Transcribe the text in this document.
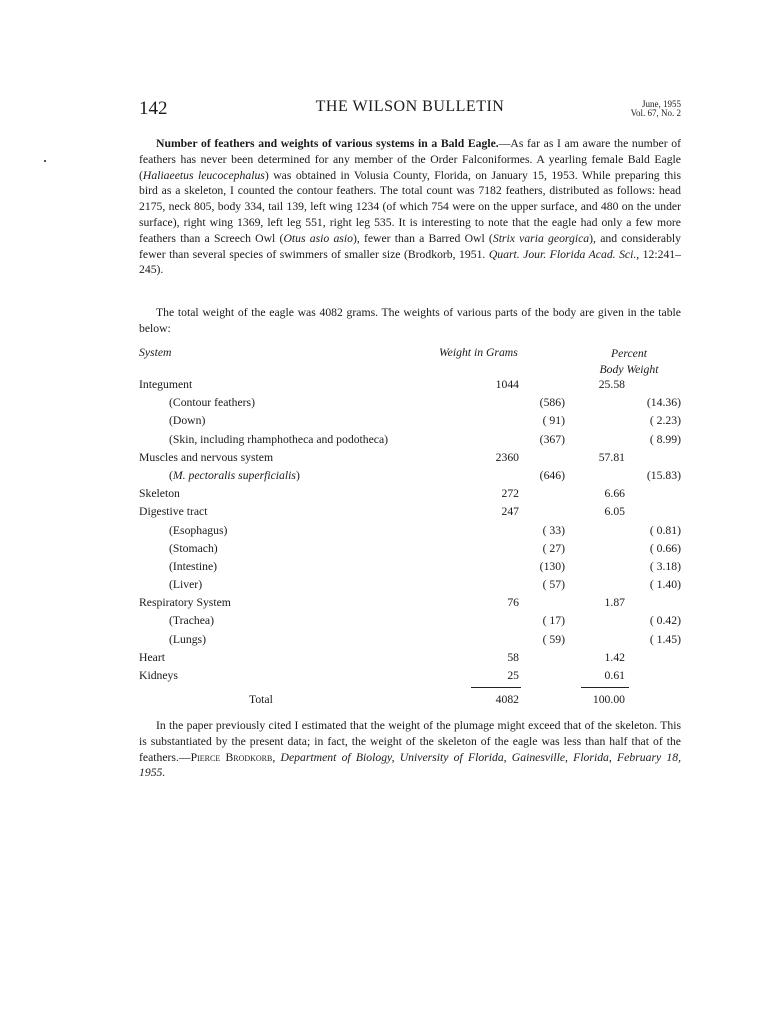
142	THE WILSON BULLETIN	June, 1955
Vol. 67, No. 2
Number of feathers and weights of various systems in a Bald Eagle.—As far as I am aware the number of feathers has never been determined for any member of the Order Falconiformes. A yearling female Bald Eagle (Haliaeetus leucocephalus) was obtained in Volusia County, Florida, on January 15, 1953. While preparing this bird as a skeleton, I counted the contour feathers. The total count was 7182 feathers, distributed as follows: head 2175, neck 805, body 334, tail 139, left wing 1234 (of which 754 were on the upper surface, and 480 on the under surface), right wing 1369, left leg 551, right leg 535. It is interesting to note that the eagle had only a few more feathers than a Screech Owl (Otus asio asio), fewer than a Barred Owl (Strix varia georgica), and considerably fewer than several species of swimmers of smaller size (Brodkorb, 1951. Quart. Jour. Florida Acad. Sci., 12:241–245).
The total weight of the eagle was 4082 grams. The weights of various parts of the body are given in the table below:
System	Weight in Grams	Percent
Body Weight
Integument	1044	25.58
(Contour feathers)	(586)	(14.36)
(Down)	( 91)	( 2.23)
(Skin, including rhamphotheca and podotheca)	(367)	( 8.99)
Muscles and nervous system	2360	57.81
(M. pectoralis superficialis)	(646)	(15.83)
Skeleton	272	6.66
Digestive tract	247	6.05
(Esophagus)	( 33)	( 0.81)
(Stomach)	( 27)	( 0.66)
(Intestine)	(130)	( 3.18)
(Liver)	( 57)	( 1.40)
Respiratory System	76	1.87
(Trachea)	( 17)	( 0.42)
(Lungs)	( 59)	( 1.45)
Heart	58	1.42
Kidneys	25	0.61
Total	4082	100.00
In the paper previously cited I estimated that the weight of the plumage might exceed that of the skeleton. This is substantiated by the present data; in fact, the weight of the skeleton of the eagle was less than half that of the feathers.—Pierce Brodkorb, Department of Biology, University of Florida, Gainesville, Florida, February 18, 1955.
